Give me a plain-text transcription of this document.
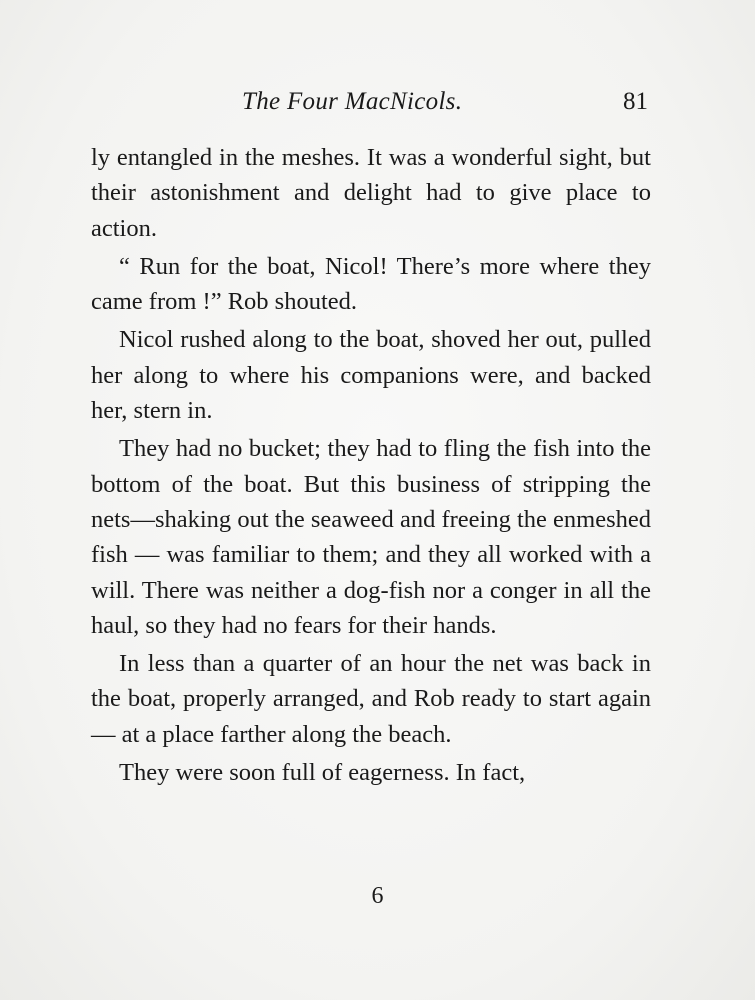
The Four MacNicols.	81

ly entangled in the meshes. It was a wonderful sight, but their astonishment and delight had to give place to action.

“ Run for the boat, Nicol! There’s more where they came from !” Rob shouted.

Nicol rushed along to the boat, shoved her out, pulled her along to where his companions were, and backed her, stern in.

They had no bucket; they had to fling the fish into the bottom of the boat. But this business of stripping the nets—shaking out the seaweed and freeing the enmeshed fish — was familiar to them; and they all worked with a will. There was neither a dog-fish nor a conger in all the haul, so they had no fears for their hands.

In less than a quarter of an hour the net was back in the boat, properly arranged, and Rob ready to start again — at a place farther along the beach.

They were soon full of eagerness. In fact,

6
